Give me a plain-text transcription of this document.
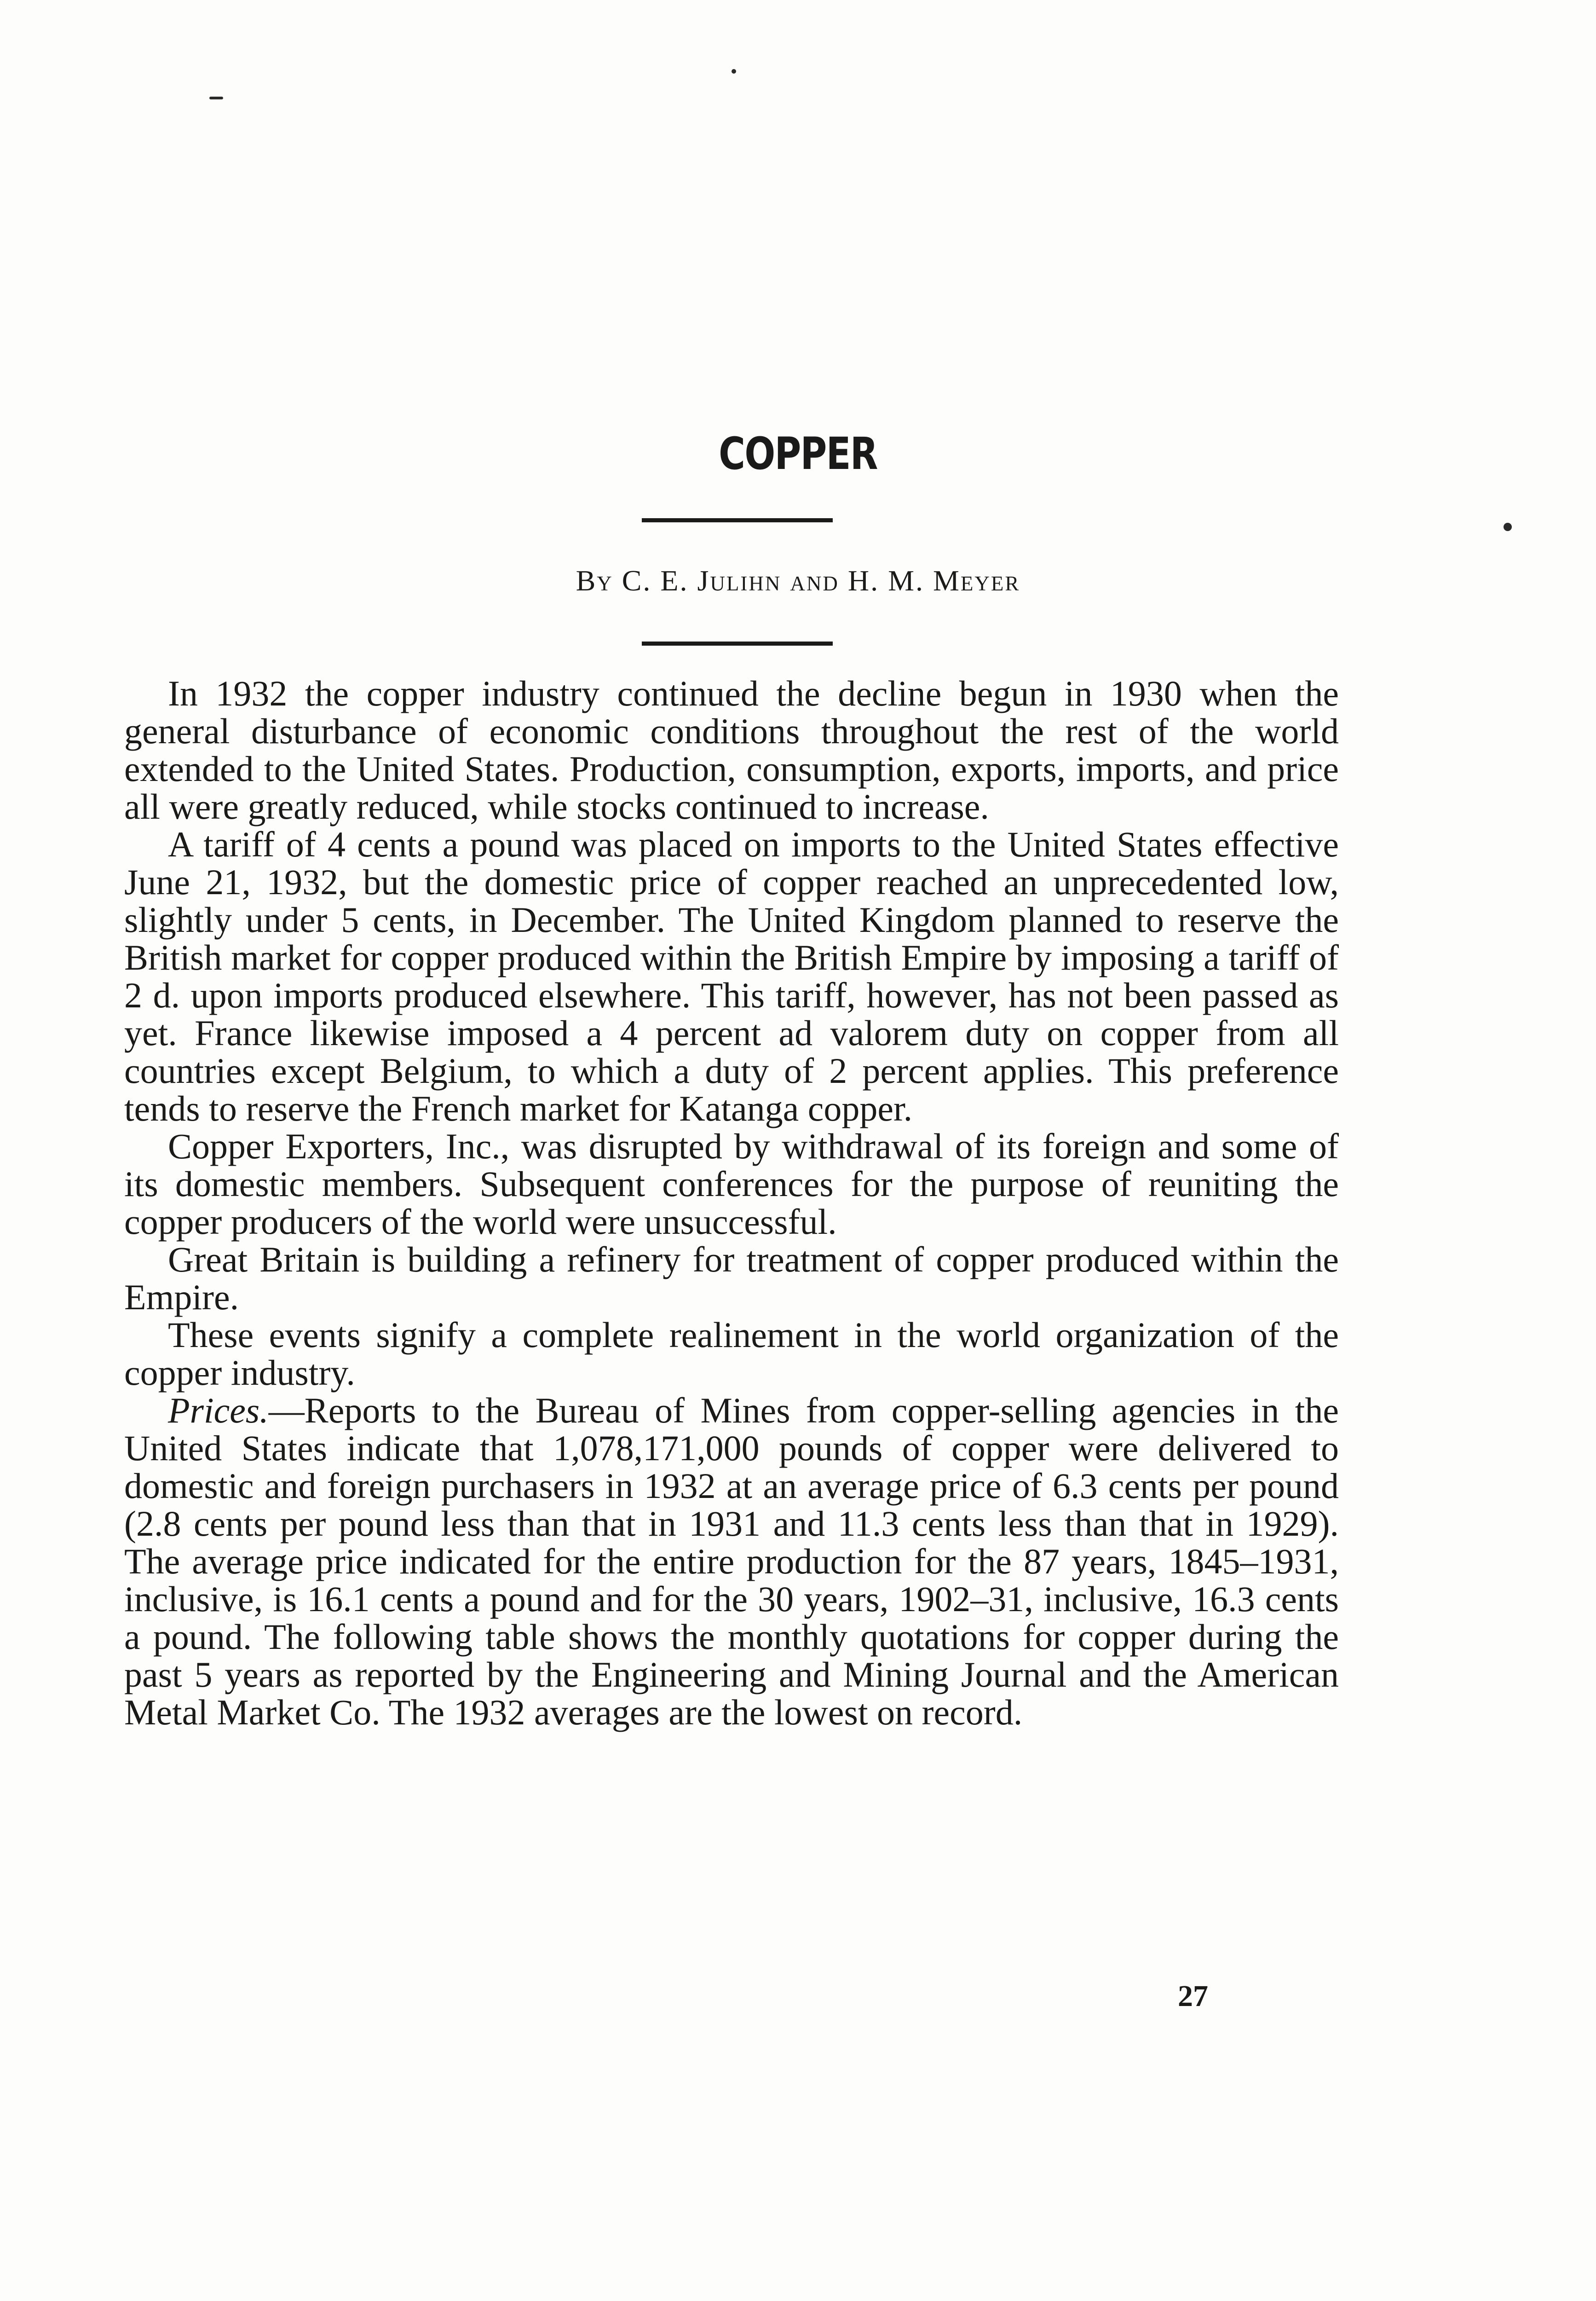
COPPER
By C. E. Julihn and H. M. Meyer

In 1932 the copper industry continued the decline begun in 1930 when the general disturbance of economic conditions throughout the rest of the world extended to the United States. Production, consumption, exports, imports, and price all were greatly reduced, while stocks continued to increase.

A tariff of 4 cents a pound was placed on imports to the United States effective June 21, 1932, but the domestic price of copper reached an unprecedented low, slightly under 5 cents, in December. The United Kingdom planned to reserve the British market for copper produced within the British Empire by imposing a tariff of 2 d. upon imports produced elsewhere. This tariff, however, has not been passed as yet. France likewise imposed a 4 percent ad valorem duty on copper from all countries except Belgium, to which a duty of 2 percent applies. This preference tends to reserve the French market for Katanga copper.

Copper Exporters, Inc., was disrupted by withdrawal of its foreign and some of its domestic members. Subsequent conferences for the purpose of reuniting the copper producers of the world were unsuccessful.

Great Britain is building a refinery for treatment of copper produced within the Empire.

These events signify a complete realinement in the world organization of the copper industry.

Prices.—Reports to the Bureau of Mines from copper-selling agencies in the United States indicate that 1,078,171,000 pounds of copper were delivered to domestic and foreign purchasers in 1932 at an average price of 6.3 cents per pound (2.8 cents per pound less than that in 1931 and 11.3 cents less than that in 1929). The average price indicated for the entire production for the 87 years, 1845–1931, inclusive, is 16.1 cents a pound and for the 30 years, 1902–31, inclusive, 16.3 cents a pound. The following table shows the monthly quotations for copper during the past 5 years as reported by the Engineering and Mining Journal and the American Metal Market Co. The 1932 averages are the lowest on record.

27
